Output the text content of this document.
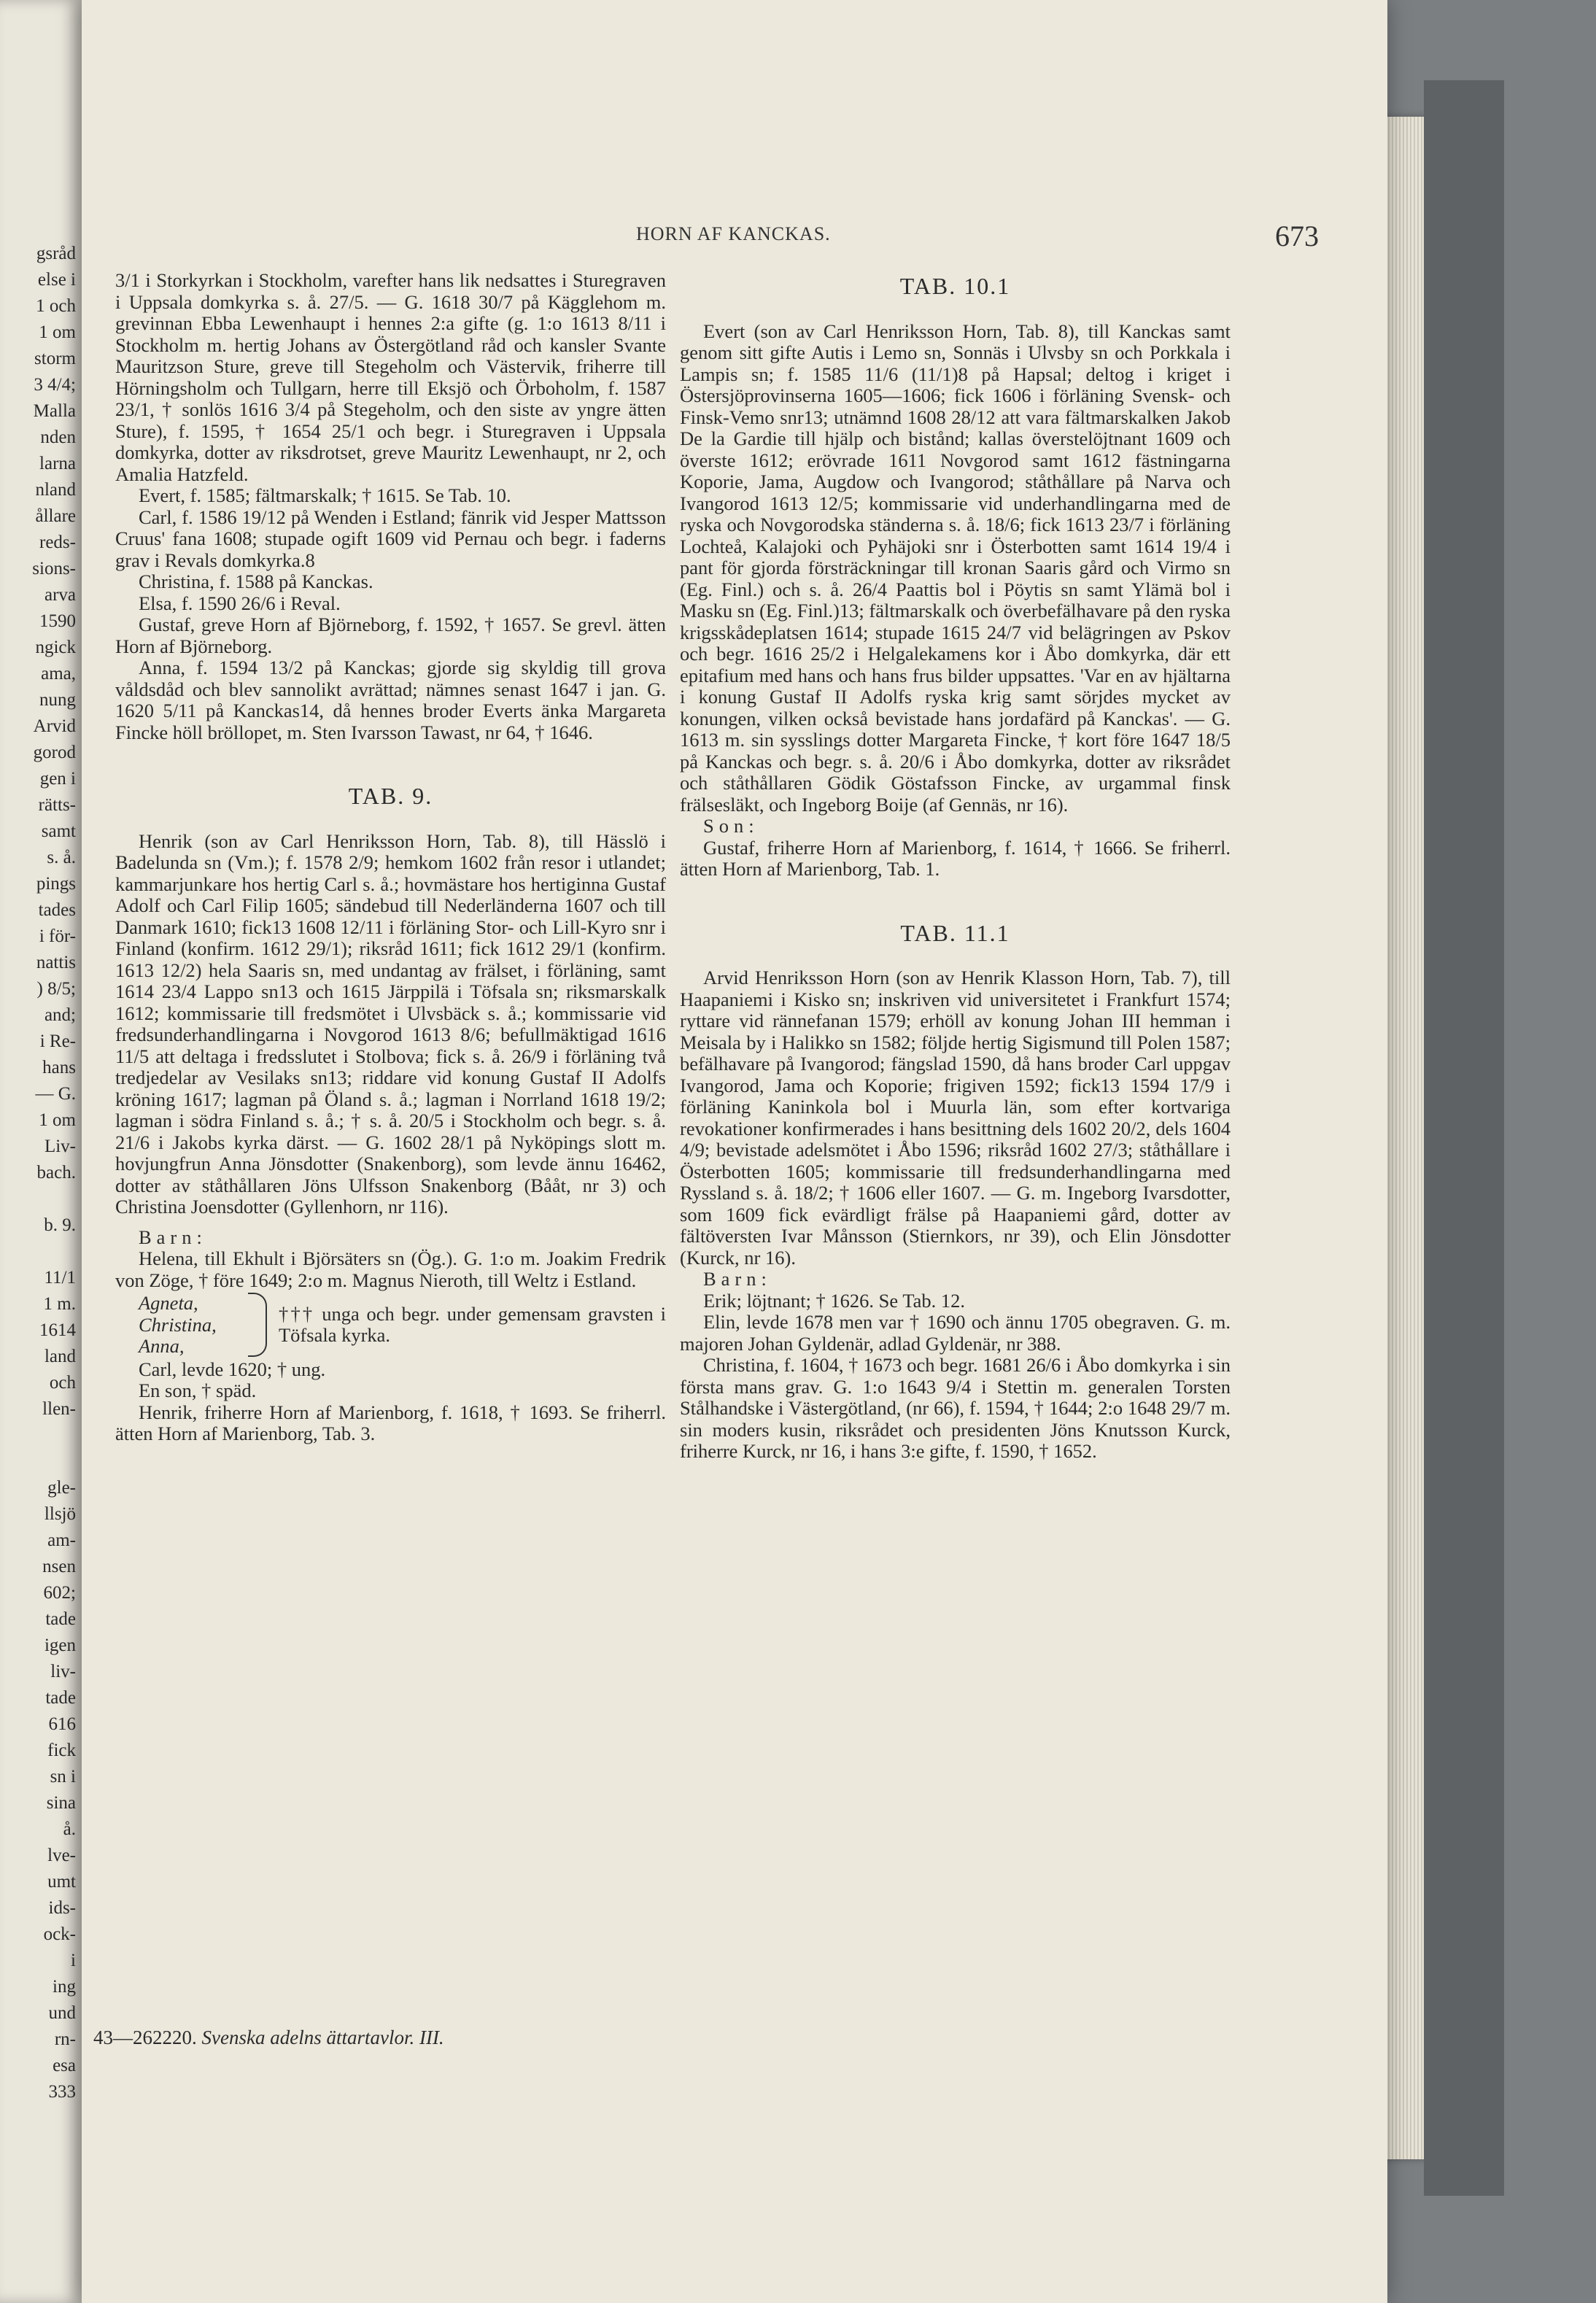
gsråd
else i
1 och
1 om
storm
3 4/4;
Malla
nden
larna
nland
ållare
reds-
sions-
arva
1590
ngick
ama,
nung
Arvid
gorod
gen i
rätts-
samt
s. å.
pings
tades
i för-
nattis
) 8/5;
and;
i Re-
hans
— G.
1 om
Liv-
bach.
b. 9.
11/1
1 m.
1614
land
och
llen-
gle-
llsjö
am-
nsen
602;
tade
igen
liv-
tade
616
fick
sn i
sina
å.
lve-
umt
ids-
ock-
i
ing
und
rn-
esa
333
HORN AF KANCKAS.	673

3/1 i Storkyrkan i Stockholm, varefter hans lik nedsattes i Sturegraven i Uppsala domkyrka s. å. 27/5. — G. 1618 30/7 på Kägglehom m. grevinnan Ebba Lewenhaupt i hennes 2:a gifte (g. 1:o 1613 8/11 i Stockholm m. hertig Johans av Östergötland råd och kansler Svante Mauritzson Sture, greve till Stegeholm och Västervik, friherre till Hörningsholm och Tullgarn, herre till Eksjö och Örboholm, f. 1587 23/1, † sonlös 1616 3/4 på Stegeholm, och den siste av yngre ätten Sture), f. 1595, † 1654 25/1 och begr. i Sturegraven i Uppsala domkyrka, dotter av riksdrotset, greve Mauritz Lewenhaupt, nr 2, och Amalia Hatzfeld.

Evert, f. 1585; fältmarskalk; † 1615. Se Tab. 10.

Carl, f. 1586 19/12 på Wenden i Estland; fänrik vid Jesper Mattsson Cruus' fana 1608; stupade ogift 1609 vid Pernau och begr. i faderns grav i Revals domkyrka.8

Christina, f. 1588 på Kanckas.

Elsa, f. 1590 26/6 i Reval.

Gustaf, greve Horn af Björneborg, f. 1592, † 1657. Se grevl. ätten Horn af Björneborg.

Anna, f. 1594 13/2 på Kanckas; gjorde sig skyldig till grova våldsdåd och blev sannolikt avrättad; nämnes senast 1647 i jan. G. 1620 5/11 på Kanckas14, då hennes broder Everts änka Margareta Fincke höll bröllopet, m. Sten Ivarsson Tawast, nr 64, † 1646.

TAB. 9.

Henrik (son av Carl Henriksson Horn, Tab. 8), till Hässlö i Badelunda sn (Vm.); f. 1578 2/9; hemkom 1602 från resor i utlandet; kammarjunkare hos hertig Carl s. å.; hovmästare hos hertiginna Gustaf Adolf och Carl Filip 1605; sändebud till Nederländerna 1607 och till Danmark 1610; fick13 1608 12/11 i förläning Stor- och Lill-Kyro snr i Finland (konfirm. 1612 29/1); riksråd 1611; fick 1612 29/1 (konfirm. 1613 12/2) hela Saaris sn, med undantag av frälset, i förläning, samt 1614 23/4 Lappo sn13 och 1615 Järppilä i Töfsala sn; riksmarskalk 1612; kommissarie till fredsmötet i Ulvsbäck s. å.; kommissarie vid fredsunderhandlingarna i Novgorod 1613 8/6; befullmäktigad 1616 11/5 att deltaga i fredsslutet i Stolbova; fick s. å. 26/9 i förläning två tredjedelar av Vesilaks sn13; riddare vid konung Gustaf II Adolfs kröning 1617; lagman på Öland s. å.; lagman i Norrland 1618 19/2; lagman i södra Finland s. å.; † s. å. 20/5 i Stockholm och begr. s. å. 21/6 i Jakobs kyrka därst. — G. 1602 28/1 på Nyköpings slott m. hovjungfrun Anna Jönsdotter (Snakenborg), som levde ännu 16462, dotter av ståthållaren Jöns Ulfsson Snakenborg (Bååt, nr 3) och Christina Joensdotter (Gyllenhorn, nr 116).

Barn:

Helena, till Ekhult i Björsäters sn (Ög.). G. 1:o m. Joakim Fredrik von Zöge, † före 1649; 2:o m. Magnus Nieroth, till Weltz i Estland.

Agneta,
Christina,
Anna,
††† unga och begr. under gemensam gravsten i Töfsala kyrka.

Carl, levde 1620; † ung.

En son, † späd.

Henrik, friherre Horn af Marienborg, f. 1618, † 1693. Se friherrl. ätten Horn af Marienborg, Tab. 3.

TAB. 10.1

Evert (son av Carl Henriksson Horn, Tab. 8), till Kanckas samt genom sitt gifte Autis i Lemo sn, Sonnäs i Ulvsby sn och Porkkala i Lampis sn; f. 1585 11/6 (11/1)8 på Hapsal; deltog i kriget i Östersjöprovinserna 1605—1606; fick 1606 i förläning Svensk- och Finsk-Vemo snr13; utnämnd 1608 28/12 att vara fältmarskalken Jakob De la Gardie till hjälp och bistånd; kallas överstelöjtnant 1609 och överste 1612; erövrade 1611 Novgorod samt 1612 fästningarna Koporie, Jama, Augdow och Ivangorod; ståthållare på Narva och Ivangorod 1613 12/5; kommissarie vid underhandlingarna med de ryska och Novgorodska ständerna s. å. 18/6; fick 1613 23/7 i förläning Lochteå, Kalajoki och Pyhäjoki snr i Österbotten samt 1614 19/4 i pant för gjorda försträckningar till kronan Saaris gård och Virmo sn (Eg. Finl.) och s. å. 26/4 Paattis bol i Pöytis sn samt Ylämä bol i Masku sn (Eg. Finl.)13; fältmarskalk och överbefälhavare på den ryska krigsskådeplatsen 1614; stupade 1615 24/7 vid belägringen av Pskov och begr. 1616 25/2 i Helgalekamens kor i Åbo domkyrka, där ett epitafium med hans och hans frus bilder uppsattes. 'Var en av hjältarna i konung Gustaf II Adolfs ryska krig samt sörjdes mycket av konungen, vilken också bevistade hans jordafärd på Kanckas'. — G. 1613 m. sin sysslings dotter Margareta Fincke, † kort före 1647 18/5 på Kanckas och begr. s. å. 20/6 i Åbo domkyrka, dotter av riksrådet och ståthållaren Gödik Göstafsson Fincke, av urgammal finsk frälsesläkt, och Ingeborg Boije (af Gennäs, nr 16).

Son:

Gustaf, friherre Horn af Marienborg, f. 1614, † 1666. Se friherrl. ätten Horn af Marienborg, Tab. 1.

TAB. 11.1

Arvid Henriksson Horn (son av Henrik Klasson Horn, Tab. 7), till Haapaniemi i Kisko sn; inskriven vid universitetet i Frankfurt 1574; ryttare vid rännefanan 1579; erhöll av konung Johan III hemman i Meisala by i Halikko sn 1582; följde hertig Sigismund till Polen 1587; befälhavare på Ivangorod; fängslad 1590, då hans broder Carl uppgav Ivangorod, Jama och Koporie; frigiven 1592; fick13 1594 17/9 i förläning Kaninkola bol i Muurla län, som efter kortvariga revokationer konfirmerades i hans besittning dels 1602 20/2, dels 1604 4/9; bevistade adelsmötet i Åbo 1596; riksråd 1602 27/3; ståthållare i Österbotten 1605; kommissarie till fredsunderhandlingarna med Ryssland s. å. 18/2; † 1606 eller 1607. — G. m. Ingeborg Ivarsdotter, som 1609 fick evärdligt frälse på Haapaniemi gård, dotter av fältöversten Ivar Månsson (Stiernkors, nr 39), och Elin Jönsdotter (Kurck, nr 16).

Barn:

Erik; löjtnant; † 1626. Se Tab. 12.

Elin, levde 1678 men var † 1690 och ännu 1705 obegraven. G. m. majoren Johan Gyldenär, adlad Gyldenär, nr 388.

Christina, f. 1604, † 1673 och begr. 1681 26/6 i Åbo domkyrka i sin första mans grav. G. 1:o 1643 9/4 i Stettin m. generalen Torsten Stålhandske i Västergötland, (nr 66), f. 1594, † 1644; 2:o 1648 29/7 m. sin moders kusin, riksrådet och presidenten Jöns Knutsson Kurck, friherre Kurck, nr 16, i hans 3:e gifte, f. 1590, † 1652.

43—262220. Svenska adelns ättartavlor. III.
